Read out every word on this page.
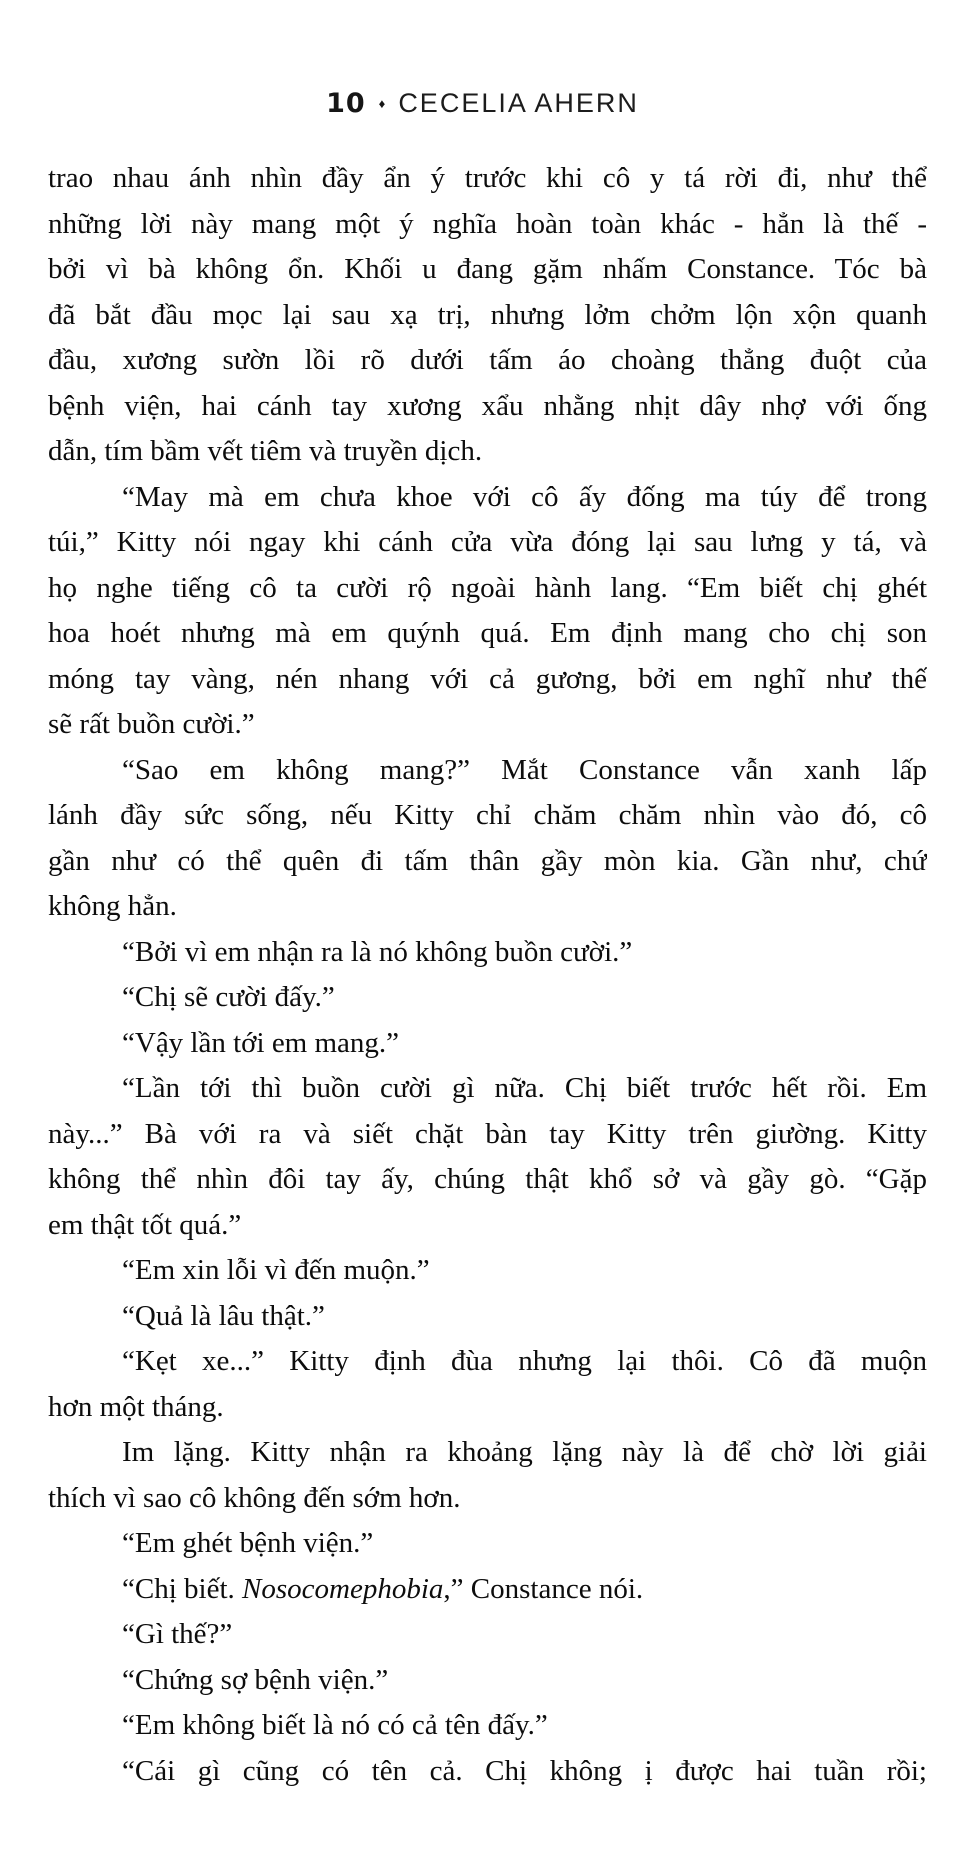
10 ♦ CECELIA AHERN
trao nhau ánh nhìn đầy ẩn ý trước khi cô y tá rời đi, như thể
những lời này mang một ý nghĩa hoàn toàn khác - hẳn là thế -
bởi vì bà không ổn. Khối u đang gặm nhấm Constance. Tóc bà
đã bắt đầu mọc lại sau xạ trị, nhưng lởm chởm lộn xộn quanh
đầu, xương sườn lồi rõ dưới tấm áo choàng thẳng đuột của
bệnh viện, hai cánh tay xương xẩu nhằng nhịt dây nhợ với ống
dẫn, tím bầm vết tiêm và truyền dịch.
“May mà em chưa khoe với cô ấy đống ma túy để trong
túi,” Kitty nói ngay khi cánh cửa vừa đóng lại sau lưng y tá, và
họ nghe tiếng cô ta cười rộ ngoài hành lang. “Em biết chị ghét
hoa hoét nhưng mà em quýnh quá. Em định mang cho chị son
móng tay vàng, nén nhang với cả gương, bởi em nghĩ như thế
sẽ rất buồn cười.”
“Sao em không mang?” Mắt Constance vẫn xanh lấp
lánh đầy sức sống, nếu Kitty chỉ chăm chăm nhìn vào đó, cô
gần như có thể quên đi tấm thân gầy mòn kia. Gần như, chứ
không hẳn.
“Bởi vì em nhận ra là nó không buồn cười.”
“Chị sẽ cười đấy.”
“Vậy lần tới em mang.”
“Lần tới thì buồn cười gì nữa. Chị biết trước hết rồi. Em
này...” Bà với ra và siết chặt bàn tay Kitty trên giường. Kitty
không thể nhìn đôi tay ấy, chúng thật khổ sở và gầy gò. “Gặp
em thật tốt quá.”
“Em xin lỗi vì đến muộn.”
“Quả là lâu thật.”
“Kẹt xe...” Kitty định đùa nhưng lại thôi. Cô đã muộn
hơn một tháng.
Im lặng. Kitty nhận ra khoảng lặng này là để chờ lời giải
thích vì sao cô không đến sớm hơn.
“Em ghét bệnh viện.”
“Chị biết. Nosocomephobia,” Constance nói.
“Gì thế?”
“Chứng sợ bệnh viện.”
“Em không biết là nó có cả tên đấy.”
“Cái gì cũng có tên cả. Chị không ị được hai tuần rồi;
